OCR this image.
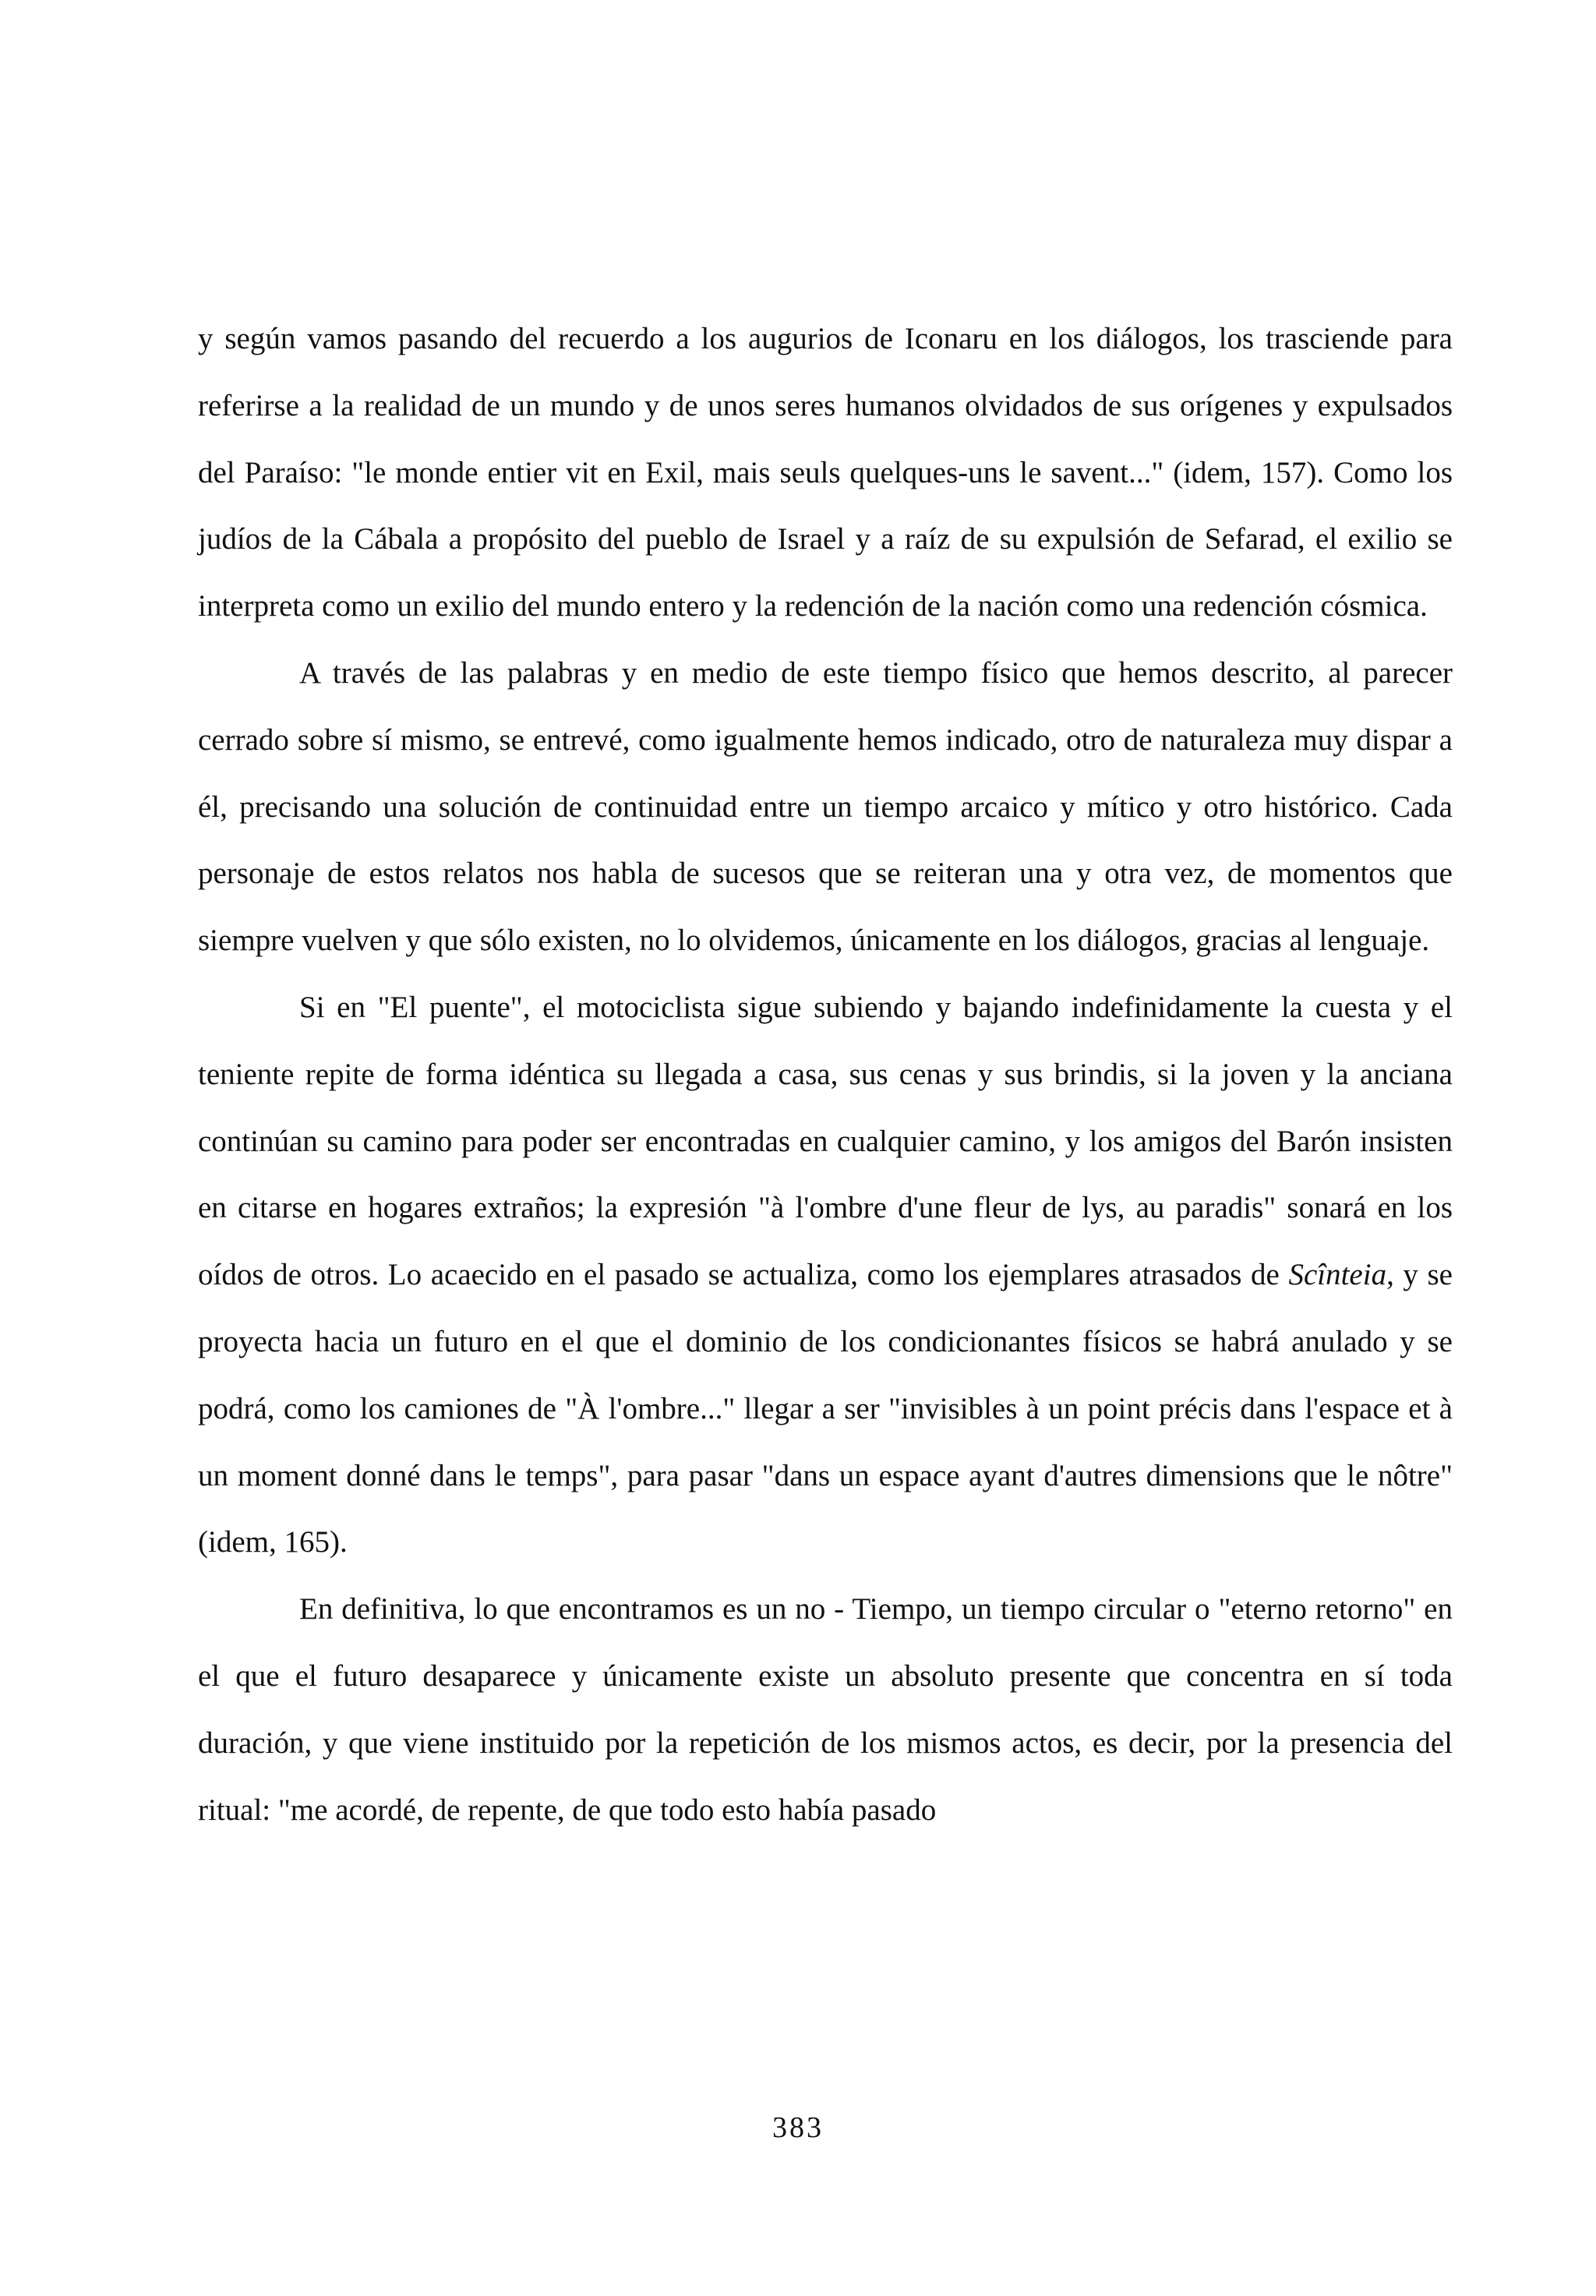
y según vamos pasando del recuerdo a los augurios de Iconaru en los diálogos, los trasciende para referirse a la realidad de un mundo y de unos seres humanos olvidados de sus orígenes y expulsados del Paraíso: "le monde entier vit en Exil, mais seuls quelques-uns le savent..." (idem, 157). Como los judíos de la Cábala a propósito del pueblo de Israel y a raíz de su expulsión de Sefarad, el exilio se interpreta como un exilio del mundo entero y la redención de la nación como una redención cósmica.

A través de las palabras y en medio de este tiempo físico que hemos descrito, al parecer cerrado sobre sí mismo, se entrevé, como igualmente hemos indicado, otro de naturaleza muy dispar a él, precisando una solución de continuidad entre un tiempo arcaico y mítico y otro histórico. Cada personaje de estos relatos nos habla de sucesos que se reiteran una y otra vez, de momentos que siempre vuelven y que sólo existen, no lo olvidemos, únicamente en los diálogos, gracias al lenguaje.

Si en "El puente", el motociclista sigue subiendo y bajando indefinidamente la cuesta y el teniente repite de forma idéntica su llegada a casa, sus cenas y sus brindis, si la joven y la anciana continúan su camino para poder ser encontradas en cualquier camino, y los amigos del Barón insisten en citarse en hogares extraños; la expresión "à l'ombre d'une fleur de lys, au paradis" sonará en los oídos de otros. Lo acaecido en el pasado se actualiza, como los ejemplares atrasados de Scînteia, y se proyecta hacia un futuro en el que el dominio de los condicionantes físicos se habrá anulado y se podrá, como los camiones de "À l'ombre..." llegar a ser "invisibles à un point précis dans l'espace et à un moment donné dans le temps", para pasar "dans un espace ayant d'autres dimensions que le nôtre" (idem, 165).

En definitiva, lo que encontramos es un no - Tiempo, un tiempo circular o "eterno retorno" en el que el futuro desaparece y únicamente existe un absoluto presente que concentra en sí toda duración, y que viene instituido por la repetición de los mismos actos, es decir, por la presencia del ritual: "me acordé, de repente, de que todo esto había pasado

383
